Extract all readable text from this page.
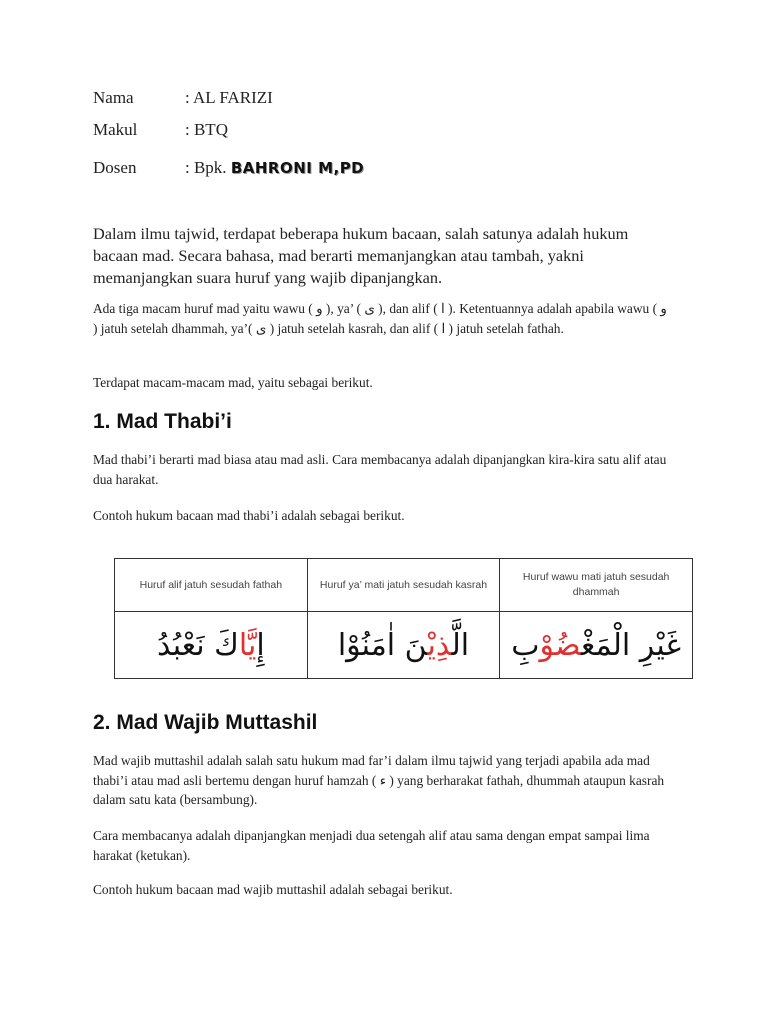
Nama	: AL FARIZI
Makul	: BTQ
Dosen	: Bpk. BAHRONI M,PD

Dalam ilmu tajwid, terdapat beberapa hukum bacaan, salah satunya adalah hukum bacaan mad. Secara bahasa, mad berarti memanjangkan atau tambah, yakni memanjangkan suara huruf yang wajib dipanjangkan.

Ada tiga macam huruf mad yaitu wawu ( و ), ya’ ( ى ), dan alif ( ا ). Ketentuannya adalah apabila wawu ( و ) jatuh setelah dhammah, ya’( ى ) jatuh setelah kasrah, dan alif ( ا ) jatuh setelah fathah.

Terdapat macam-macam mad, yaitu sebagai berikut.

1. Mad Thabi’i

Mad thabi’i berarti mad biasa atau mad asli. Cara membacanya adalah dipanjangkan kira-kira satu alif atau dua harakat.

Contoh hukum bacaan mad thabi’i adalah sebagai berikut.

Huruf alif jatuh sesudah fathah	Huruf ya’ mati jatuh sesudah kasrah	Huruf wawu mati jatuh sesudah dhammah
إِيَّاكَ نَعْبُدُ	الَّذِيْنَ اٰمَنُوْا	غَيْرِ الْمَغْضُوْبِ
2. Mad Wajib Muttashil

Mad wajib muttashil adalah salah satu hukum mad far’i dalam ilmu tajwid yang terjadi apabila ada mad thabi’i atau mad asli bertemu dengan huruf hamzah ( ء ) yang berharakat fathah, dhummah ataupun kasrah dalam satu kata (bersambung).

Cara membacanya adalah dipanjangkan menjadi dua setengah alif atau sama dengan empat sampai lima harakat (ketukan).

Contoh hukum bacaan mad wajib muttashil adalah sebagai berikut.
